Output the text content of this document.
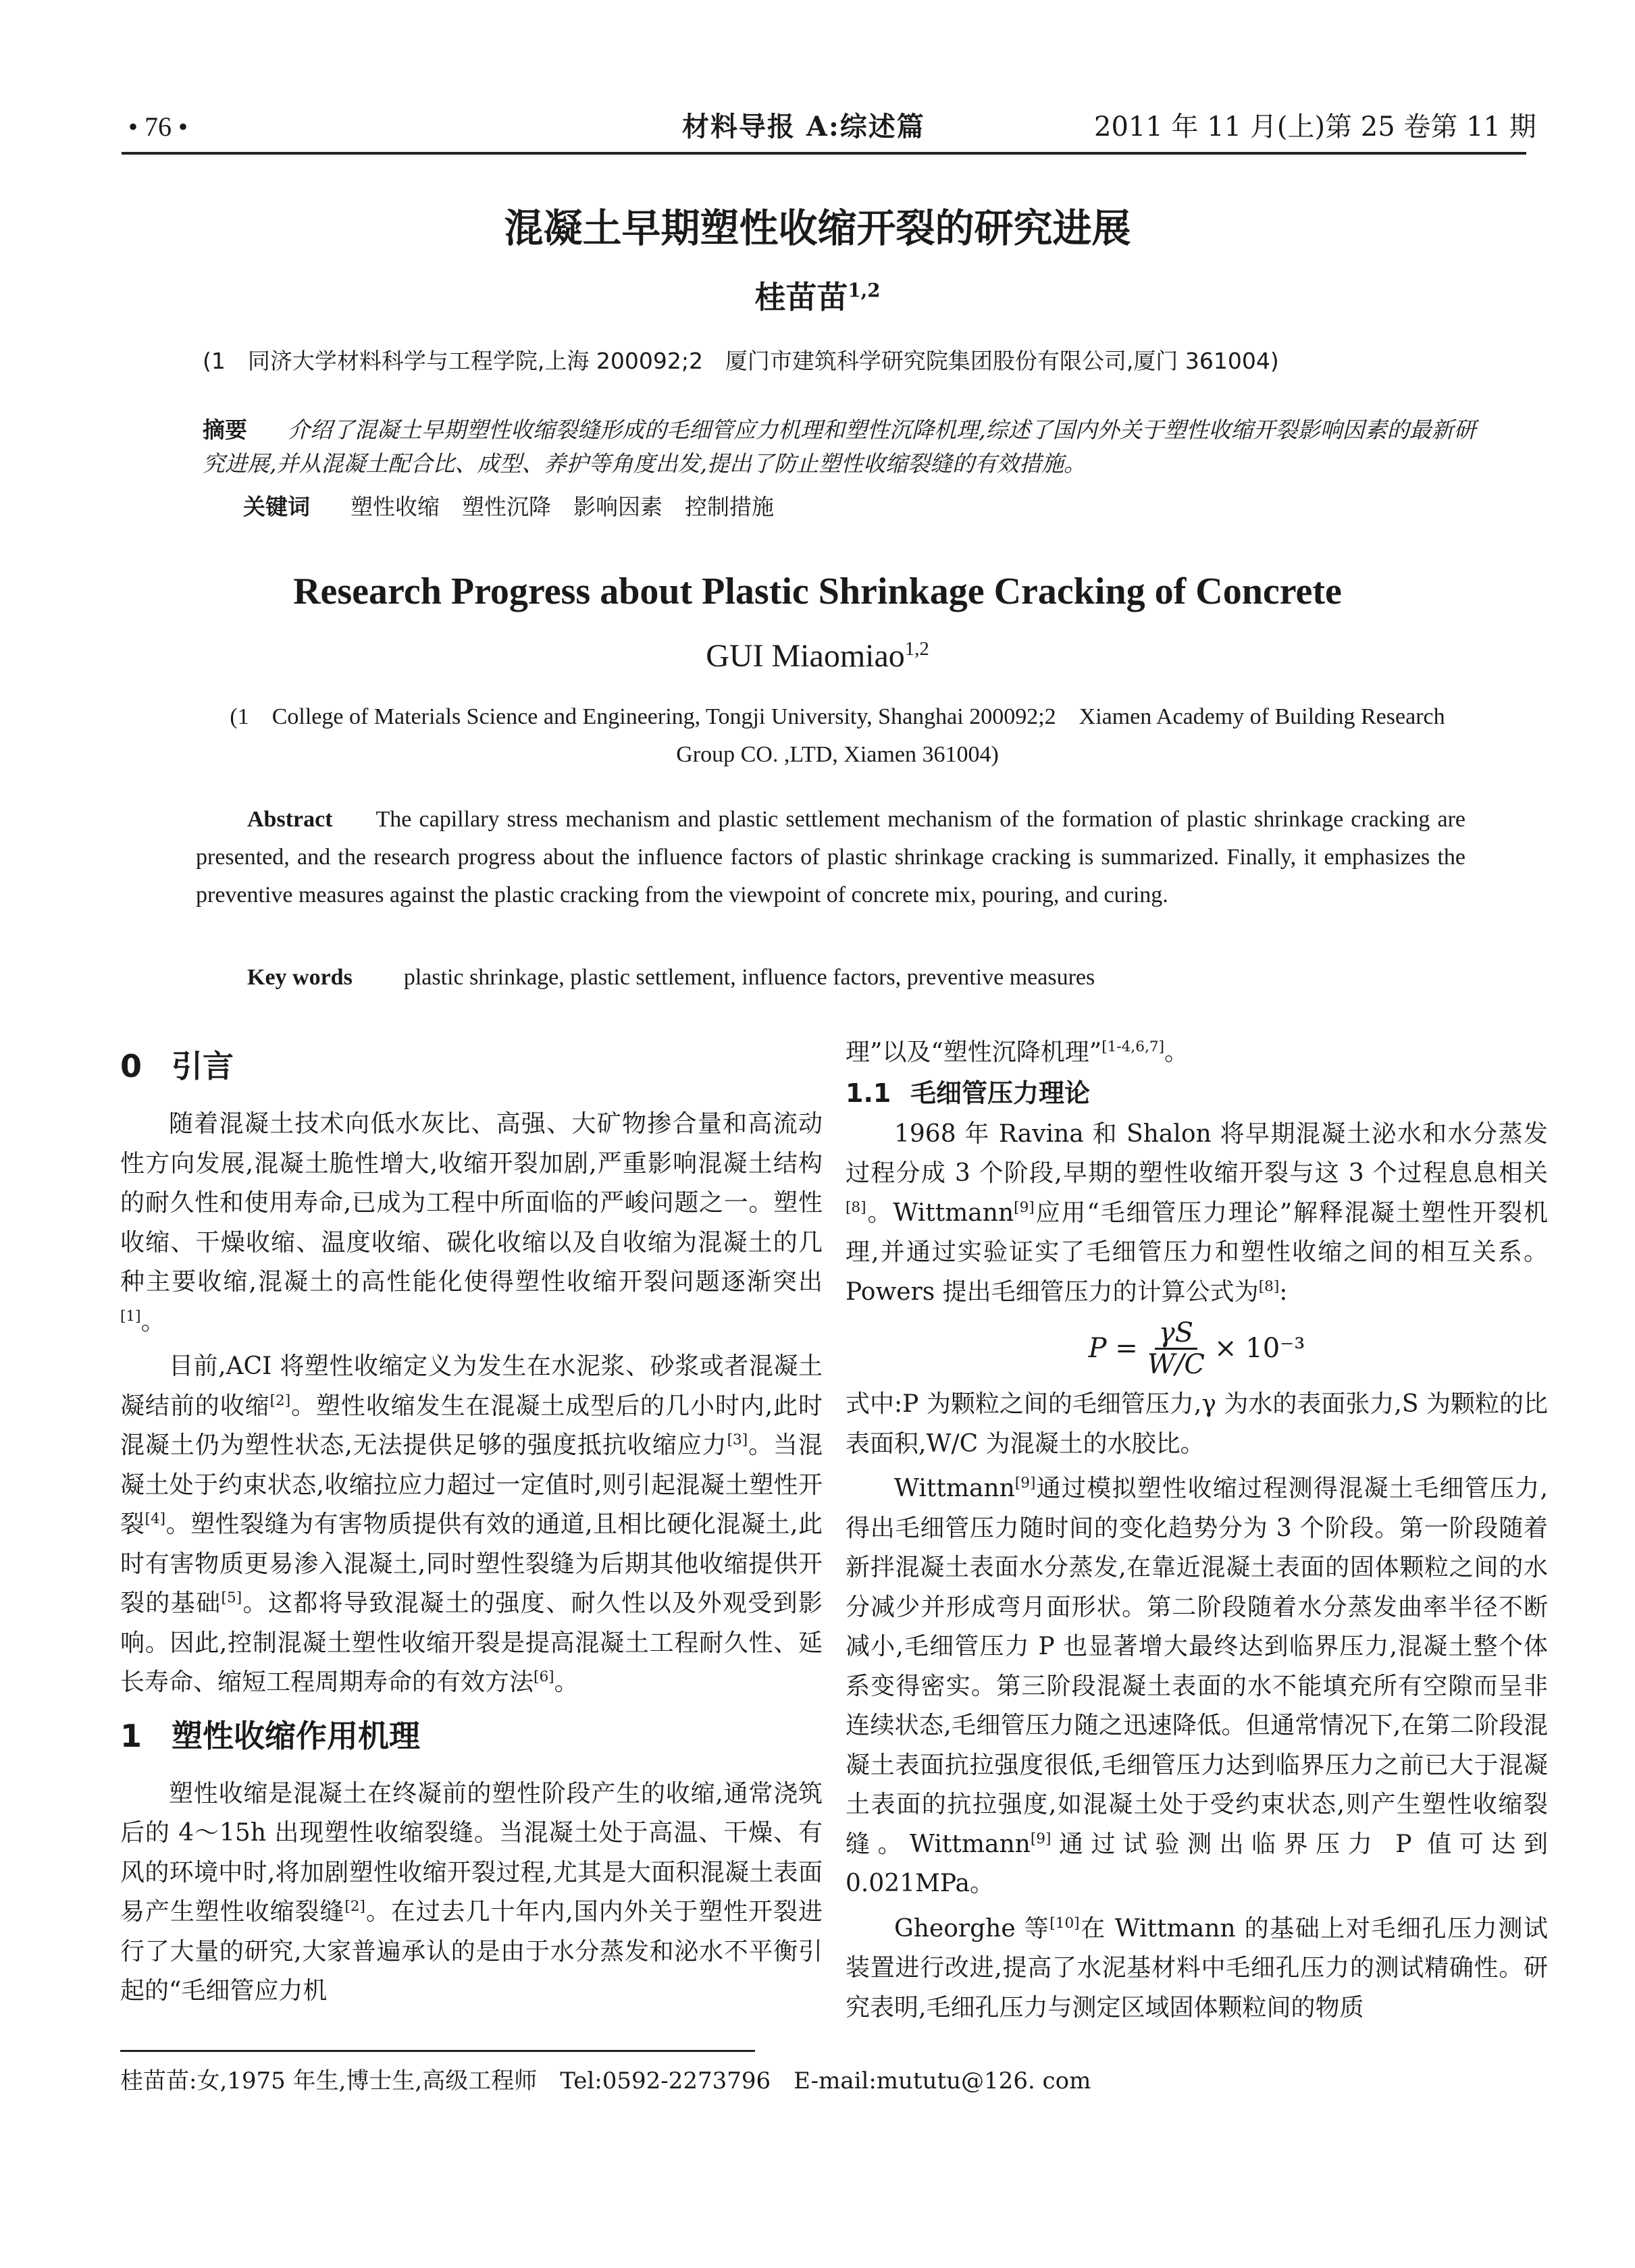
• 76 •	材料导报 A:综述篇	2011 年 11 月(上)第 25 卷第 11 期
混凝土早期塑性收缩开裂的研究进展
桂苗苗$^{1,2}$
(1　同济大学材料科学与工程学院,上海 200092;2　厦门市建筑科学研究院集团股份有限公司,厦门 361004)
摘要 介绍了混凝土早期塑性收缩裂缝形成的毛细管应力机理和塑性沉降机理,综述了国内外关于塑性收缩开裂影响因素的最新研究进展,并从混凝土配合比、成型、养护等角度出发,提出了防止塑性收缩裂缝的有效措施。
关键词 塑性收缩　塑性沉降　影响因素　控制措施
Research Progress about Plastic Shrinkage Cracking of Concrete
GUI Miaomiao$^{1,2}$
(1　College of Materials Science and Engineering, Tongji University, Shanghai 200092;2　Xiamen Academy of Building Research Group CO. ,LTD, Xiamen 361004)
Abstract The capillary stress mechanism and plastic settlement mechanism of the formation of plastic shrinkage cracking are presented, and the research progress about the influence factors of plastic shrinkage cracking is summarized. Finally, it emphasizes the preventive measures against the plastic cracking from the viewpoint of concrete mix, pouring, and curing.
Key words plastic shrinkage, plastic settlement, influence factors, preventive measures
0 引言

随着混凝土技术向低水灰比、高强、大矿物掺合量和高流动性方向发展,混凝土脆性增大,收缩开裂加剧,严重影响混凝土结构的耐久性和使用寿命,已成为工程中所面临的严峻问题之一。塑性收缩、干燥收缩、温度收缩、碳化收缩以及自收缩为混凝土的几种主要收缩,混凝土的高性能化使得塑性收缩开裂问题逐渐突出[1]。

目前,ACI 将塑性收缩定义为发生在水泥浆、砂浆或者混凝土凝结前的收缩[2]。塑性收缩发生在混凝土成型后的几小时内,此时混凝土仍为塑性状态,无法提供足够的强度抵抗收缩应力[3]。当混凝土处于约束状态,收缩拉应力超过一定值时,则引起混凝土塑性开裂[4]。塑性裂缝为有害物质提供有效的通道,且相比硬化混凝土,此时有害物质更易渗入混凝土,同时塑性裂缝为后期其他收缩提供开裂的基础[5]。这都将导致混凝土的强度、耐久性以及外观受到影响。因此,控制混凝土塑性收缩开裂是提高混凝土工程耐久性、延长寿命、缩短工程周期寿命的有效方法[6]。

1 塑性收缩作用机理

塑性收缩是混凝土在终凝前的塑性阶段产生的收缩,通常浇筑后的 4～15h 出现塑性收缩裂缝。当混凝土处于高温、干燥、有风的环境中时,将加剧塑性收缩开裂过程,尤其是大面积混凝土表面易产生塑性收缩裂缝[2]。在过去几十年内,国内外关于塑性开裂进行了大量的研究,大家普遍承认的是由于水分蒸发和泌水不平衡引起的“毛细管应力机

理”以及“塑性沉降机理”[1-4,6,7]。

1.1 毛细管压力理论

1968 年 Ravina 和 Shalon 将早期混凝土泌水和水分蒸发过程分成 3 个阶段,早期的塑性收缩开裂与这 3 个过程息息相关[8]。Wittmann[9]应用“毛细管压力理论”解释混凝土塑性开裂机理,并通过实验证实了毛细管压力和塑性收缩之间的相互关系。Powers 提出毛细管压力的计算公式为[8]:

$P = \frac{\gamma S}{W/C} \times 10^{-3}$

式中:P 为颗粒之间的毛细管压力,γ 为水的表面张力,S 为颗粒的比表面积,W/C 为混凝土的水胶比。

Wittmann[9]通过模拟塑性收缩过程测得混凝土毛细管压力,得出毛细管压力随时间的变化趋势分为 3 个阶段。第一阶段随着新拌混凝土表面水分蒸发,在靠近混凝土表面的固体颗粒之间的水分减少并形成弯月面形状。第二阶段随着水分蒸发曲率半径不断减小,毛细管压力 P 也显著增大最终达到临界压力,混凝土整个体系变得密实。第三阶段混凝土表面的水不能填充所有空隙而呈非连续状态,毛细管压力随之迅速降低。但通常情况下,在第二阶段混凝土表面抗拉强度很低,毛细管压力达到临界压力之前已大于混凝土表面的抗拉强度,如混凝土处于受约束状态,则产生塑性收缩裂缝。Wittmann[9]通过试验测出临界压力 P 值可达到 0.021MPa。

Gheorghe 等[10]在 Wittmann 的基础上对毛细孔压力测试装置进行改进,提高了水泥基材料中毛细孔压力的测试精确性。研究表明,毛细孔压力与测定区域固体颗粒间的物质

桂苗苗:女,1975 年生,博士生,高级工程师　Tel:0592-2273796　E-mail:mututu@126. com
